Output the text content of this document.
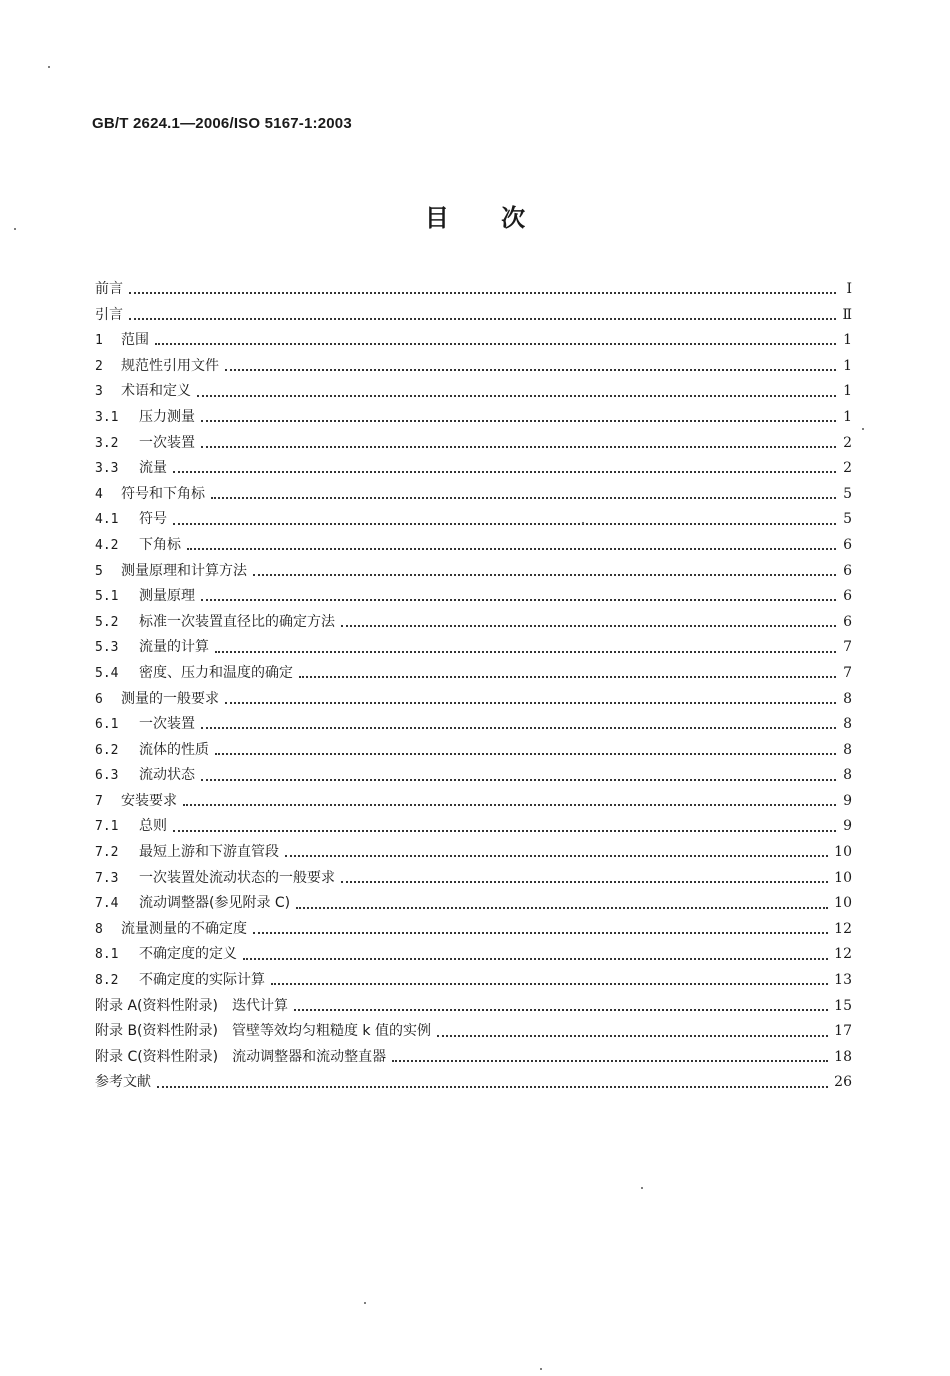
GB/T 2624.1—2006/ISO 5167-1:2003
目 次
前言	I
引言	Ⅱ
1	范围	1
2	规范性引用文件	1
3	术语和定义	1
3.1	压力测量	1
3.2	一次装置	2
3.3	流量	2
4	符号和下角标	5
4.1	符号	5
4.2	下角标	6
5	测量原理和计算方法	6
5.1	测量原理	6
5.2	标准一次装置直径比的确定方法	6
5.3	流量的计算	7
5.4	密度、压力和温度的确定	7
6	测量的一般要求	8
6.1	一次装置	8
6.2	流体的性质	8
6.3	流动状态	8
7	安装要求	9
7.1	总则	9
7.2	最短上游和下游直管段	10
7.3	一次装置处流动状态的一般要求	10
7.4	流动调整器(参见附录 C)	10
8	流量测量的不确定度	12
8.1	不确定度的定义	12
8.2	不确定度的实际计算	13
附录 A(资料性附录)　迭代计算	15
附录 B(资料性附录)　管壁等效均匀粗糙度 k 值的实例	17
附录 C(资料性附录)　流动调整器和流动整直器	18
参考文献	26
